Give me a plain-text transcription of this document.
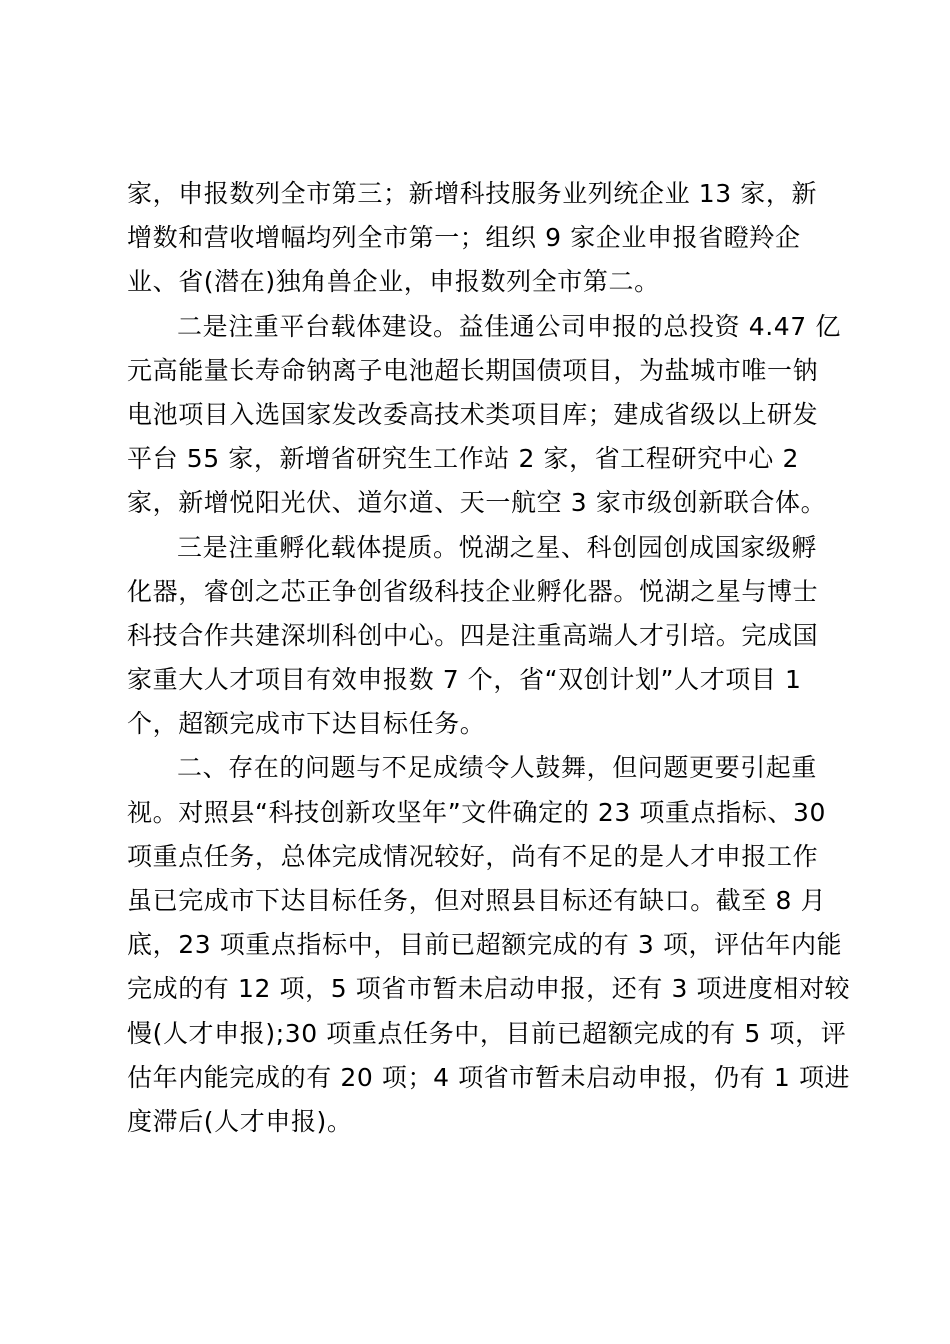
家，申报数列全市第三；新增科技服务业列统企业 13 家，新
增数和营收增幅均列全市第一；组织 9 家企业申报省瞪羚企
业、省(潜在)独角兽企业，申报数列全市第二。
二是注重平台载体建设。益佳通公司申报的总投资 4.47 亿
元高能量长寿命钠离子电池超长期国债项目，为盐城市唯一钠
电池项目入选国家发改委高技术类项目库；建成省级以上研发
平台 55 家，新增省研究生工作站 2 家，省工程研究中心 2
家，新增悦阳光伏、道尔道、天一航空 3 家市级创新联合体。
三是注重孵化载体提质。悦湖之星、科创园创成国家级孵
化器，睿创之芯正争创省级科技企业孵化器。悦湖之星与博士
科技合作共建深圳科创中心。四是注重高端人才引培。完成国
家重大人才项目有效申报数 7 个，省“双创计划”人才项目 1
个，超额完成市下达目标任务。
二、存在的问题与不足成绩令人鼓舞，但问题更要引起重
视。对照县“科技创新攻坚年”文件确定的 23 项重点指标、30
项重点任务，总体完成情况较好，尚有不足的是人才申报工作
虽已完成市下达目标任务，但对照县目标还有缺口。截至 8 月
底，23 项重点指标中，目前已超额完成的有 3 项，评估年内能
完成的有 12 项，5 项省市暂未启动申报，还有 3 项进度相对较
慢(人才申报);30 项重点任务中，目前已超额完成的有 5 项，评
估年内能完成的有 20 项；4 项省市暂未启动申报，仍有 1 项进
度滞后(人才申报)。
